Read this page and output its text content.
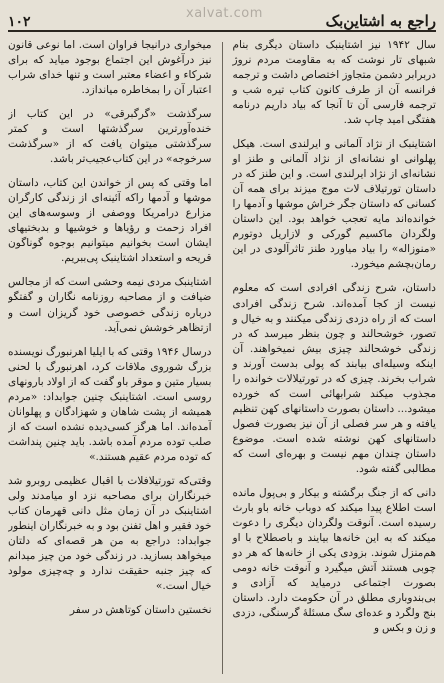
xalvat.com
۱۰۲	راجع به اشتاین‌بک

سال ۱۹۴۲ نیز اشتاینبک داستان دیگری بنام شبهای تار نوشت که به مقاومت مردم نروژ دربرابر دشمن متجاوز اختصاص داشت و ترجمه فرانسه آن از طرف کانون کتاب تیره شب و ترجمه فارسی آن تا آنجا که بیاد داریم درنامه هفتگی امید چاپ شد.

اشتاینبک از نژاد آلمانی و ایرلندی است. هیکل پهلوانی او نشانه‌ای از نژاد آلمانی و طنز او نشانه‌ای از نژاد ایرلندی است. و این طنز که در داستان تورتیلاف لات موج میزند برای همه آن کسانی که داستان جگر خراش موشها و آدمها را خوانده‌اند مایه تعجب خواهد بود. این داستان ولگردان ماکسیم گورکی و لازاریل دوتورم «منوزاله» را بیاد میاورد طنز تاثرآلودی در این رمان‌بچشم میخورد.

داستان، شرح زندگی افرادی است که معلوم نیست از کجا آمده‌اند. شرح زندگی افرادی است که از راه دزدی زندگی میکنند و به خیال و تصور، خوشحالند و چون بنظر میرسد که در زندگی خوشحالند چیزی بیش نمیخواهند. آن اینکه وسیله‌ای بیابند که پولی بدست آورند و شراب بخرند. چیزی که در تورتیلالات خوانده را مجذوب میکند شرابهائی است که خورده میشود... داستان بصورت داستانهای کهن تنظیم یافته و هر سر فصلی از آن نیز بصورت فصول داستانهای کهن نوشته شده است. موضوع داستان چندان مهم نیست و بهره‌ای است که مطالبی گفته شود.

دانی که از جنگ برگشته و بیکار و بی‌پول مانده است اطلاع پیدا میکند که دوباب خانه باو بارث رسیده است. آنوقت ولگردان دیگری را دعوت میکند که به این خانه‌ها بیایند و باصطلاح با او هم‌منزل شوند. بزودی یکی از خانه‌ها که هر دو چوبی هستند آتش میگیرد و آنوقت خانه دومی بصورت اجتماعی درمیاید که آزادی و بی‌بندوباری مطلق در آن حکومت دارد. داستان بنج ولگرد و عده‌ای سگ مسئلهٔ گرسنگی، دزدی و زن و بکس و

میخواری درانیجا فراوان است. اما نوعی قانون نیز درآغوش این اجتماع بوجود میاید که برای شرکاء و اعضاء معتبر است و تنها خدای شراب اعتبار آن را بمخاطره میاندازد.

سرگذشت «گرگبرقی» در این کتاب از خنده‌آورترین سرگذشتها است و کمتر سرگذشتی میتوان یافت که از «سرگذشت سرخوجه» در این کتاب‌عجیب‌تر باشد.

اما وقتی که پس از خواندن این کتاب، داستان موشها و آدمها راکه آئینه‌ای از زندگی کارگران مزارع درامریکا ووصفی از وسوسه‌های این افراد زحمت و رؤیاها و خوشیها و بدبختیهای ایشان است بخوانیم میتوانیم بوجوه گوناگون قریحه و استعداد اشتاینبک پی‌ببریم.

اشتاینبک مردی نیمه وحشی است که از مجالس ضیافت و از مصاحبه روزنامه نگاران و گفتگو درباره زندگی خصوصی خود گریزان است و ازتظاهر خوشش نمی‌آید.

درسال ۱۹۴۶ وقتی که با ایلیا اهرنبورگ نویسنده بزرگ شوروی ملاقات کرد، اهرنبورگ با لحنی بسیار متین و موقر باو گفت که از اولاد بارونهای روسی است. اشتاینبک چنین جوابداد: «مردم همیشه از پشت شاهان و شهزادگان و پهلوانان آمده‌اند. اما هرگز کسی‌دیده نشده است که از صلب توده مردم آمده باشد. باید چنین پنداشت که توده مردم عقیم هستند.»

وقتی‌که تورتیلافلات با اقبال عظیمی روبرو شد خبرنگاران برای مصاحبه نزد او میامدند ولی اشتاینبک در آن زمان مثل دانی قهرمان کتاب خود فقیر و اهل تفنن بود و به خبرنگاران اینطور جوابداد: دراجع به من هر قصه‌ای که دلتان میخواهد بسازید. در زندگی خود من چیز میدانم که چیز جنبه حقیقت ندارد و چه‌چیزی مولود خیال است.»

نخستین داستان کوتاهش در سفر
